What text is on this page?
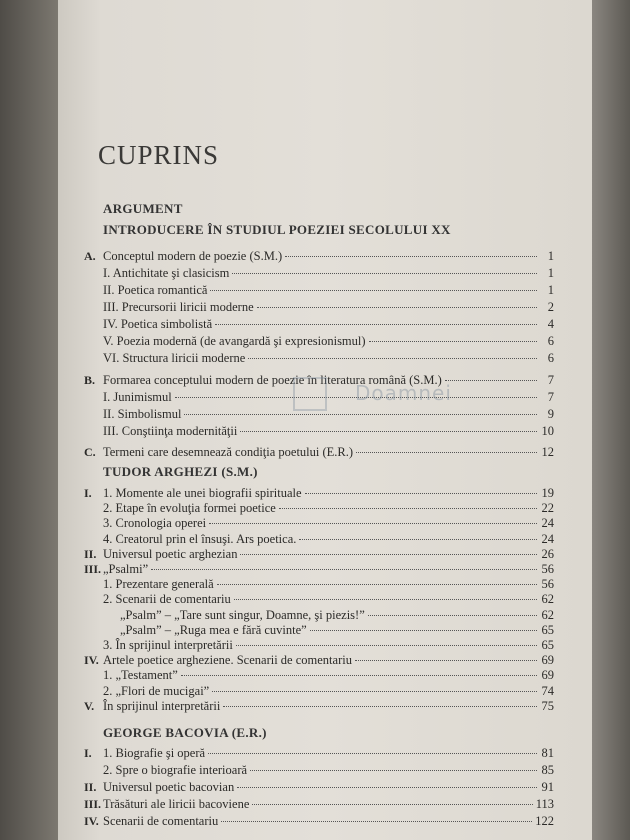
CUPRINS
ARGUMENT
INTRODUCERE ÎN STUDIUL POEZIEI SECOLULUI XX
A. Conceptul modern de poezie (S.M.)	1
I. Antichitate şi clasicism	1
II. Poetica romantică	1
III. Precursorii liricii moderne	2
IV. Poetica simbolistă	4
V. Poezia modernă (de avangardă şi expresionismul)	6
VI. Structura liricii moderne	6
B. Formarea conceptului modern de poezie în literatura română (S.M.)	7
I. Junimismul	7
II. Simbolismul	9
III. Conştiinţa modernităţii	10
C. Termeni care desemnează condiţia poetului (E.R.)	12
TUDOR ARGHEZI (S.M.)
I. 1. Momente ale unei biografii spirituale	19
2. Etape în evoluţia formei poetice	22
3. Cronologia operei	24
4. Creatorul prin el însuşi. Ars poetica.	24
II. Universul poetic arghezian	26
III. „Psalmi”	56
1. Prezentare generală	56
2. Scenarii de comentariu	62
„Psalm” – „Tare sunt singur, Doamne, şi piezis!”	62
„Psalm” – „Ruga mea e fără cuvinte”	65
3. În sprijinul interpretării	65
IV. Artele poetice argheziene. Scenarii de comentariu	69
1. „Testament”	69
2. „Flori de mucigai”	74
V. În sprijinul interpretării	75
GEORGE BACOVIA (E.R.)
I. 1. Biografie şi operă	81
2. Spre o biografie interioară	85
II. Universul poetic bacovian	91
III. Trăsături ale liricii bacoviene	113
IV. Scenarii de comentariu	122
Doamnei
